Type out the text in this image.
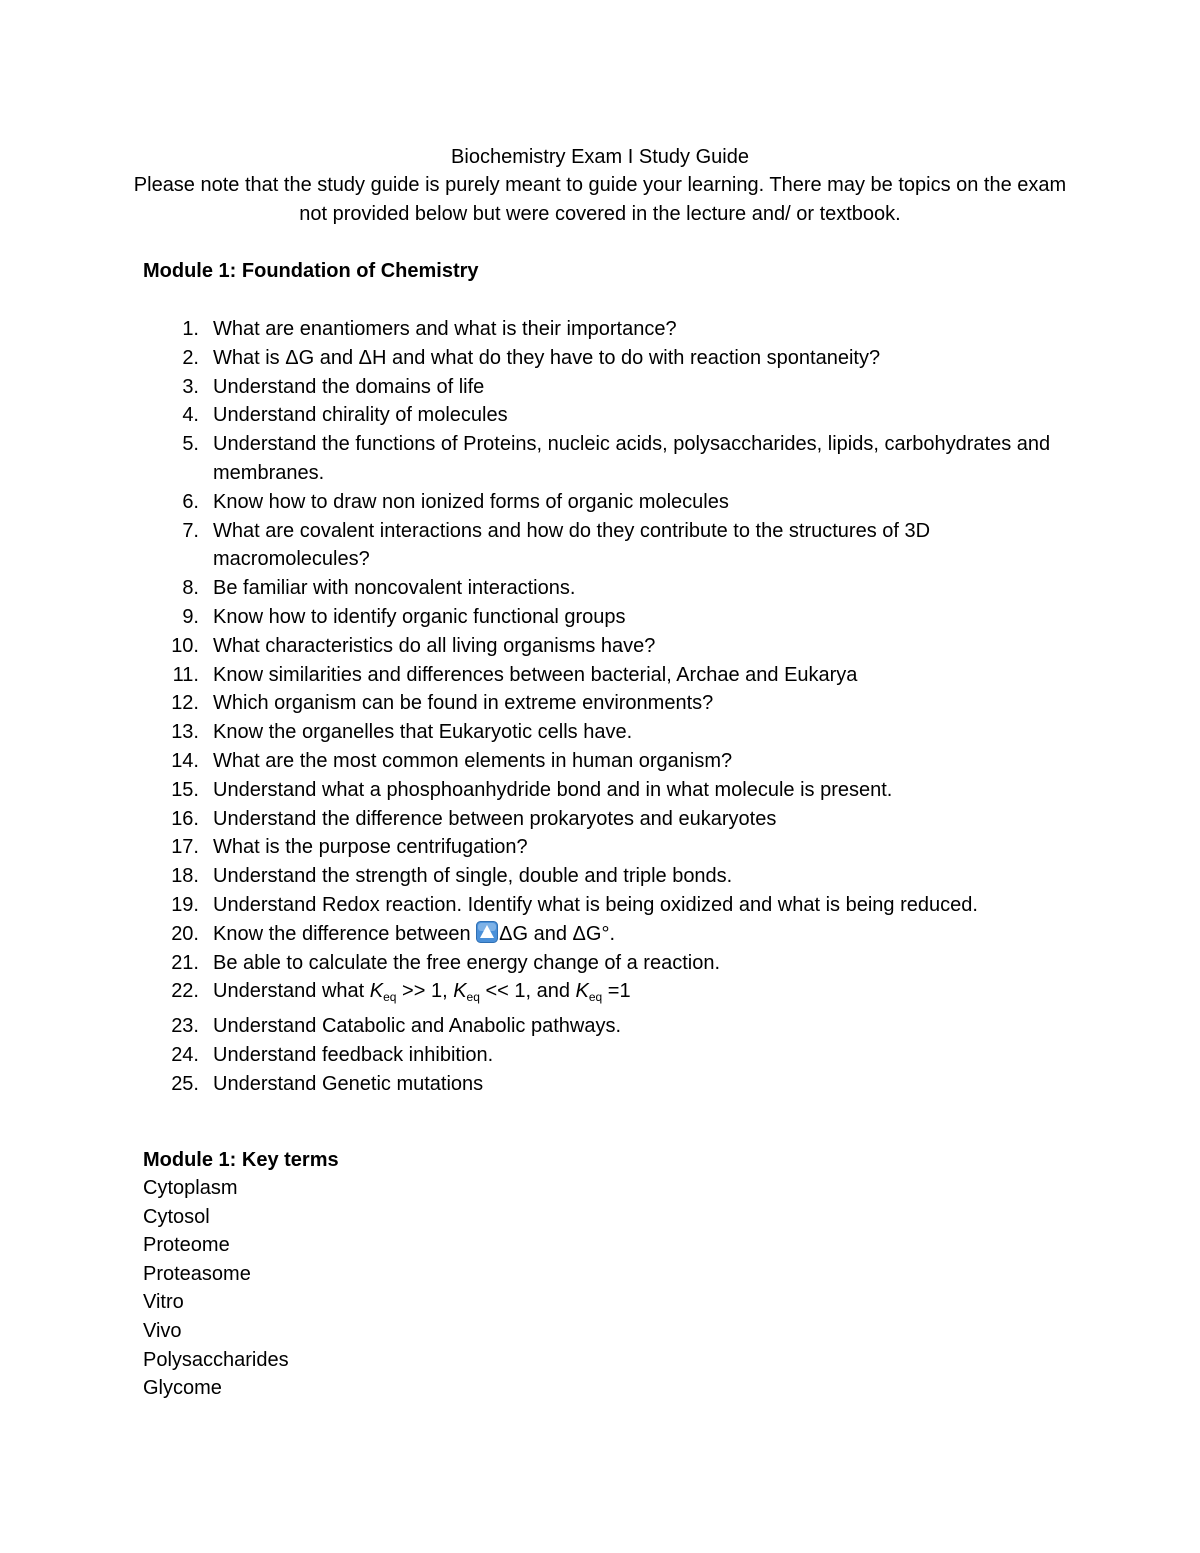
Biochemistry Exam I Study Guide
Please note that the study guide is purely meant to guide your learning. There may be topics on the exam not provided below but were covered in the lecture and/ or textbook.
Module 1: Foundation of Chemistry
1. What are enantiomers and what is their importance?
2. What is ΔG and ΔH and what do they have to do with reaction spontaneity?
3. Understand the domains of life
4. Understand chirality of molecules
5. Understand the functions of Proteins, nucleic acids, polysaccharides, lipids, carbohydrates and membranes.
6. Know how to draw non ionized forms of organic molecules
7. What are covalent interactions and how do they contribute to the structures of 3D macromolecules?
8. Be familiar with noncovalent interactions.
9. Know how to identify organic functional groups
10. What characteristics do all living organisms have?
11. Know similarities and differences between bacterial, Archae and Eukarya
12. Which organism can be found in extreme environments?
13. Know the organelles that Eukaryotic cells have.
14. What are the most common elements in human organism?
15. Understand what a phosphoanhydride bond and in what molecule is present.
16. Understand the difference between prokaryotes and eukaryotes
17. What is the purpose centrifugation?
18. Understand the strength of single, double and triple bonds.
19. Understand Redox reaction. Identify what is being oxidized and what is being reduced.
20. Know the difference between ΔG and ΔG°.
21. Be able to calculate the free energy change of a reaction.
22. Understand what $K_{eq} >> 1$, $K_{eq} << 1$, and $K_{eq} =1$
23. Understand Catabolic and Anabolic pathways.
24. Understand feedback inhibition.
25. Understand Genetic mutations
Module 1: Key terms
Cytoplasm
Cytosol
Proteome
Proteasome
Vitro
Vivo
Polysaccharides
Glycome
